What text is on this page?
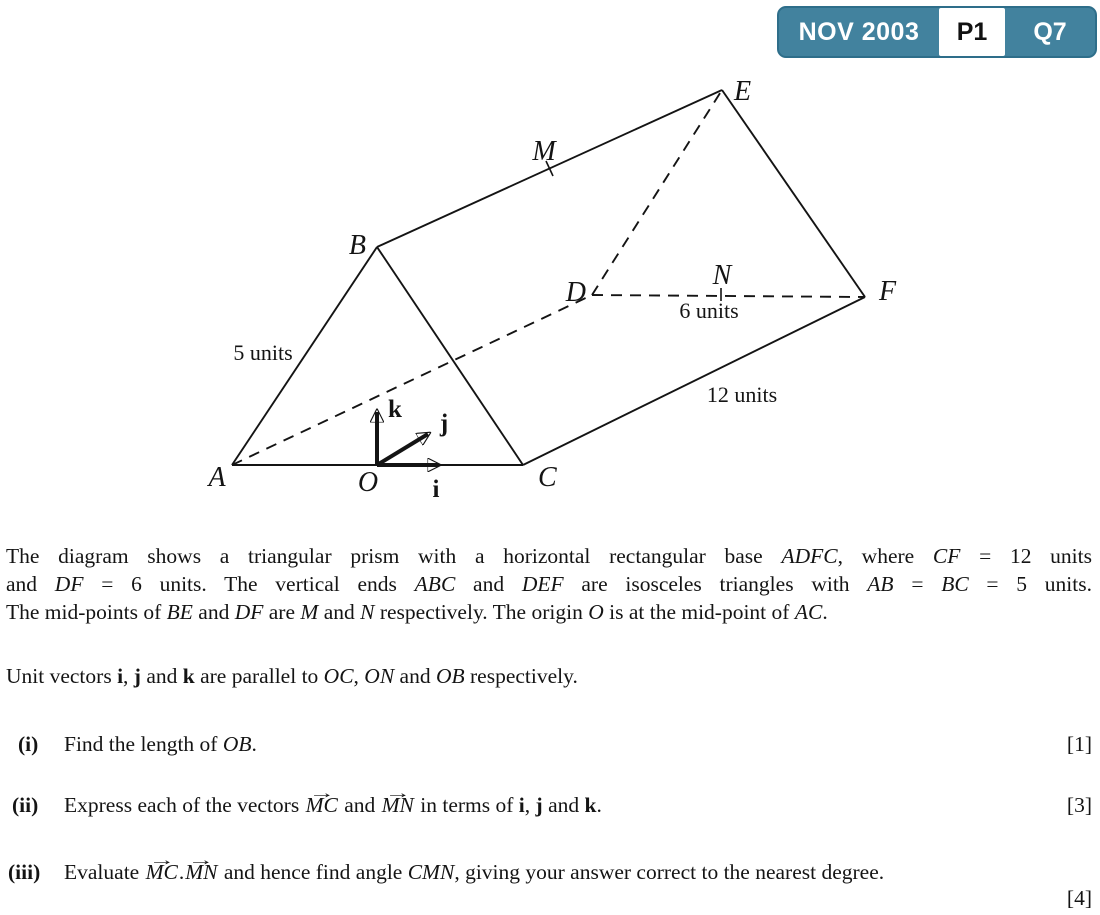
NOV 2003	P1	Q7
A
B
C
D
E
F
M
N
O i
j
k
5 units
6 units
12 units
The diagram shows a triangular prism with a horizontal rectangular base ADFC, where CF = 12 units
and DF = 6 units. The vertical ends ABC and DEF are isosceles triangles with AB = BC = 5 units.
The mid-points of BE and DF are M and N respectively. The origin O is at the mid-point of AC.
Unit vectors i, j and k are parallel to OC, ON and OB respectively.
(i)	Find the length of OB.	[1]
(ii)	Express each of the vectors → MC and → MN in terms of i, j and k.	[3]
(iii)	Evaluate → MC.→ MN and hence find angle CMN, giving your answer correct to the nearest degree.
[4]
